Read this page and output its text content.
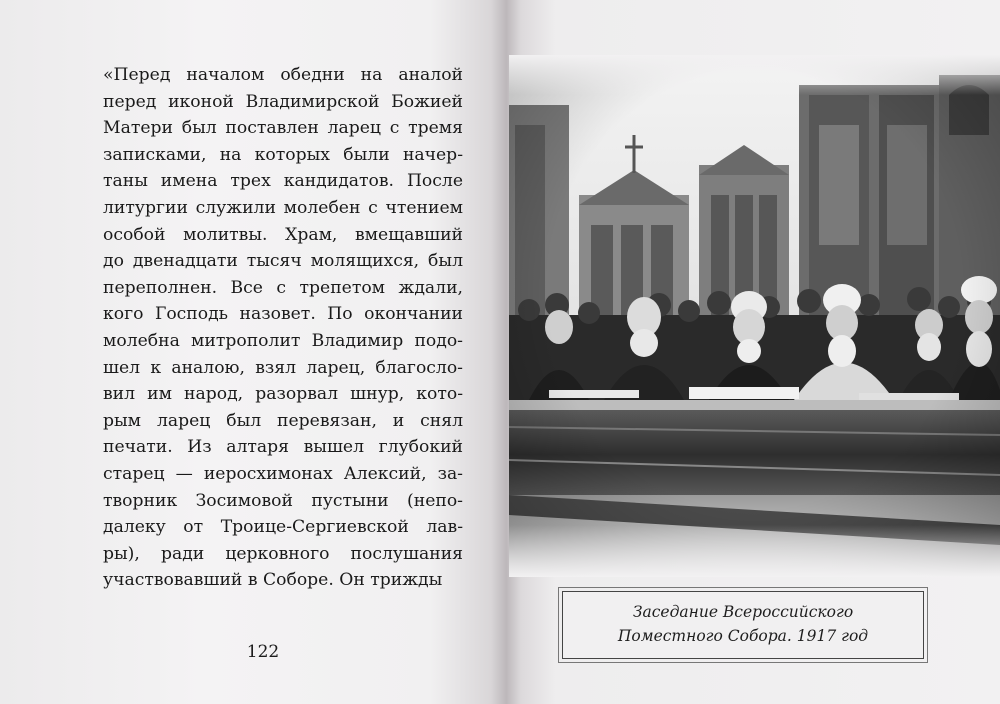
«Перед началом обедни на аналой
перед иконой Владимирской Божией
Матери был поставлен ларец с тремя
записками, на которых были начер-
таны имена трех кандидатов. После
литургии служили молебен с чтением
особой молитвы. Храм, вмещавший
до двенадцати тысяч молящихся, был
переполнен. Все с трепетом ждали,
кого Господь назовет. По окончании
молебна митрополит Владимир подо-
шел к аналою, взял ларец, благосло-
вил им народ, разорвал шнур, кото-
рым ларец был перевязан, и снял
печати. Из алтаря вышел глубокий
старец — иеросхимонах Алексий, за-
творник Зосимовой пустыни (непо-
далеку от Троице-Сергиевской лав-
ры), ради церковного послушания
участвовавший в Соборе. Он трижды
122
Заседание Всероссийского
Поместного Собора. 1917 год
